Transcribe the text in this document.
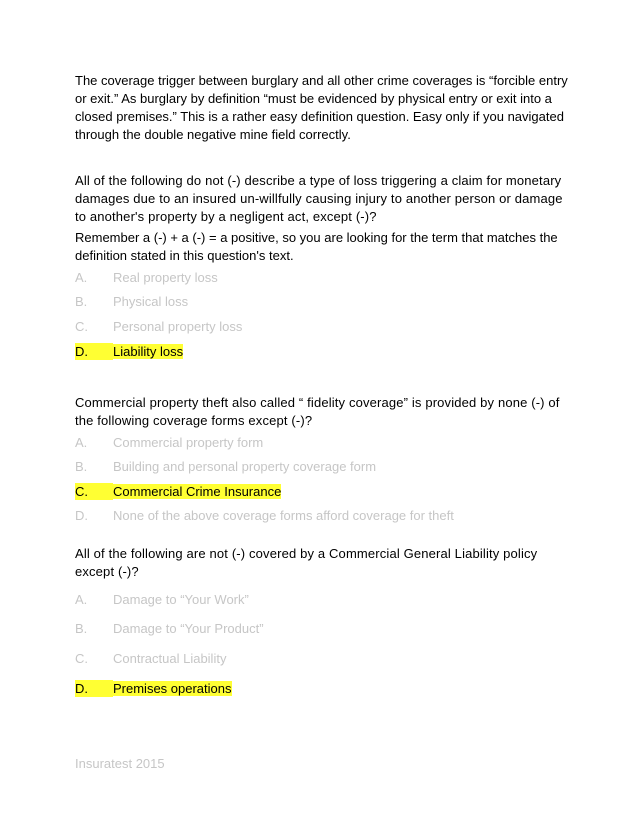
The coverage trigger between burglary and all other crime coverages is “forcible entry or exit.” As burglary by definition “must be evidenced by physical entry or exit into a closed premises.” This is a rather easy definition question. Easy only if you navigated through the double negative mine field correctly.

All of the following do not (-) describe a type of loss triggering a claim for monetary damages due to an insured un-willfully causing injury to another person or damage to another's property by a negligent act, except (-)?

Remember a (-) + a (-) = a positive, so you are looking for the term that matches the definition stated in this question's text.

A. Real property loss
B. Physical loss
C. Personal property loss
D. Liability loss

Commercial property theft also called “ fidelity coverage” is provided by none (-) of the following coverage forms except (-)?

A. Commercial property form
B. Building and personal property coverage form
C. Commercial Crime Insurance
D. None of the above coverage forms afford coverage for theft

All of the following are not (-) covered by a Commercial General Liability policy except (-)?

A. Damage to “Your Work”
B. Damage to “Your Product”
C. Contractual Liability
D. Premises operations
Insuratest 2015
